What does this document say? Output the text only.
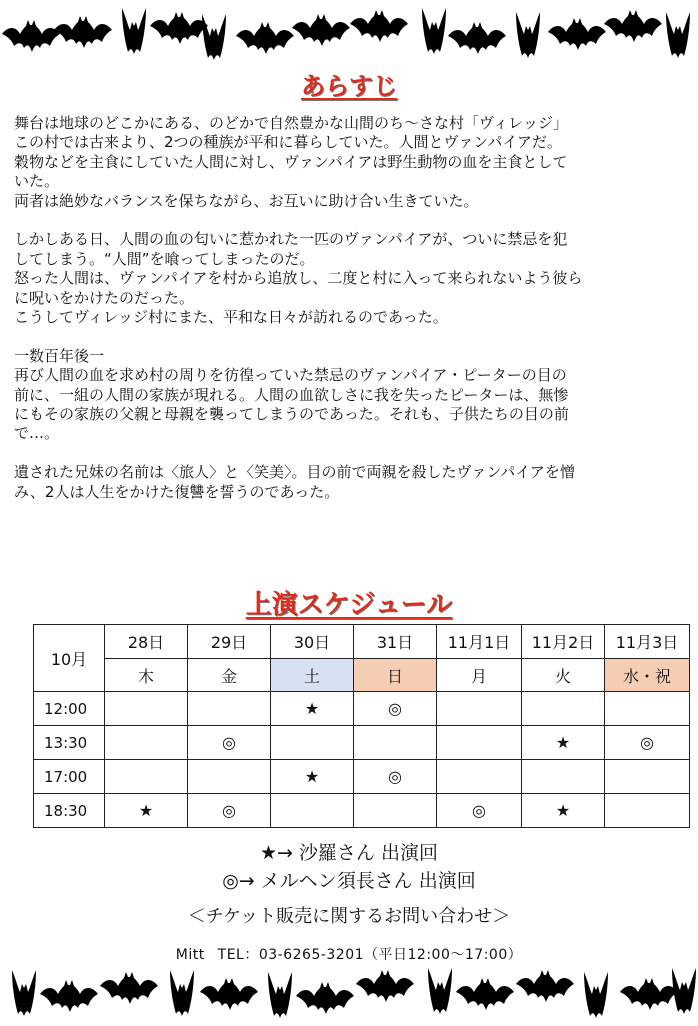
あらすじ
舞台は地球のどこかにある、のどかで自然豊かな山間のち～さな村「ヴィレッジ」
この村では古来より、2つの種族が平和に暮らしていた。人間とヴァンパイアだ。
穀物などを主食にしていた人間に対し、ヴァンパイアは野生動物の血を主食として
いた。
両者は絶妙なバランスを保ちながら、お互いに助け合い生きていた。
しかしある日、人間の血の匂いに惹かれた一匹のヴァンパイアが、ついに禁忌を犯
してしまう。“人間”を喰ってしまったのだ。
怒った人間は、ヴァンパイアを村から追放し、二度と村に入って来られないよう彼ら
に呪いをかけたのだった。
こうしてヴィレッジ村にまた、平和な日々が訪れるのであった。
一数百年後一
再び人間の血を求め村の周りを彷徨っていた禁忌のヴァンパイア・ピーターの目の
前に、一組の人間の家族が現れる。人間の血欲しさに我を失ったピーターは、無惨
にもその家族の父親と母親を襲ってしまうのであった。それも、子供たちの目の前
で…。
遺された兄妹の名前は〈旅人〉と〈笑美〉。目の前で両親を殺したヴァンパイアを憎
み、2人は人生をかけた復讐を誓うのであった。
上演スケジュール
10月	28日	29日	30日	31日	11月1日	11月2日	11月3日
	木	金	土	日	月	火	水・祝
12:00			★	◎			
13:30		◎				★	◎
17:00			★	◎			
18:30	★	◎			◎	★	
★→ 沙羅さん 出演回
◎→ メルヘン須長さん 出演回
＜チケット販売に関するお問い合わせ＞
Mitt TEL：03-6265-3201（平日12:00～17:00）
